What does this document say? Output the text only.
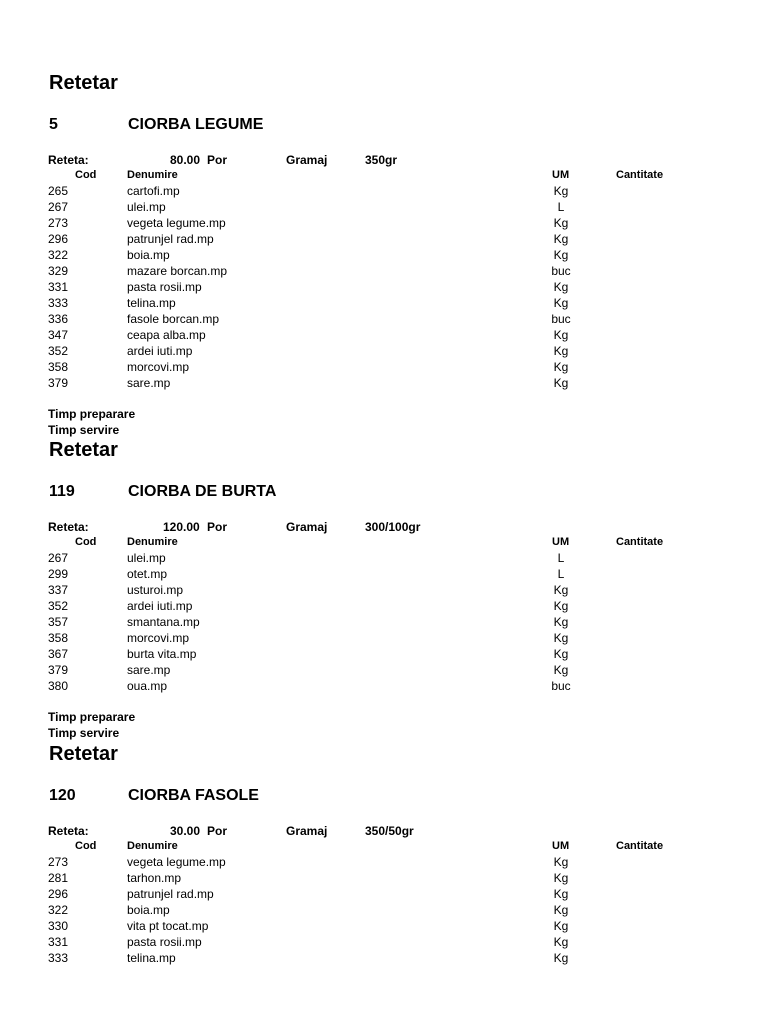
Retetar
5	CIORBA LEGUME
Reteta:	80.00 Por	Gramaj	350gr
Cod	Denumire	UM	Cantitate
265	cartofi.mp	Kg
267	ulei.mp	L
273	vegeta legume.mp	Kg
296	patrunjel rad.mp	Kg
322	boia.mp	Kg
329	mazare borcan.mp	buc
331	pasta rosii.mp	Kg
333	telina.mp	Kg
336	fasole borcan.mp	buc
347	ceapa alba.mp	Kg
352	ardei iuti.mp	Kg
358	morcovi.mp	Kg
379	sare.mp	Kg
Timp preparare
Timp servire
Retetar
119	CIORBA DE BURTA
Reteta:	120.00 Por	Gramaj	300/100gr
Cod	Denumire	UM	Cantitate
267	ulei.mp	L
299	otet.mp	L
337	usturoi.mp	Kg
352	ardei iuti.mp	Kg
357	smantana.mp	Kg
358	morcovi.mp	Kg
367	burta vita.mp	Kg
379	sare.mp	Kg
380	oua.mp	buc
Timp preparare
Timp servire
Retetar
120	CIORBA FASOLE
Reteta:	30.00 Por	Gramaj	350/50gr
Cod	Denumire	UM	Cantitate
273	vegeta legume.mp	Kg
281	tarhon.mp	Kg
296	patrunjel rad.mp	Kg
322	boia.mp	Kg
330	vita pt tocat.mp	Kg
331	pasta rosii.mp	Kg
333	telina.mp	Kg
